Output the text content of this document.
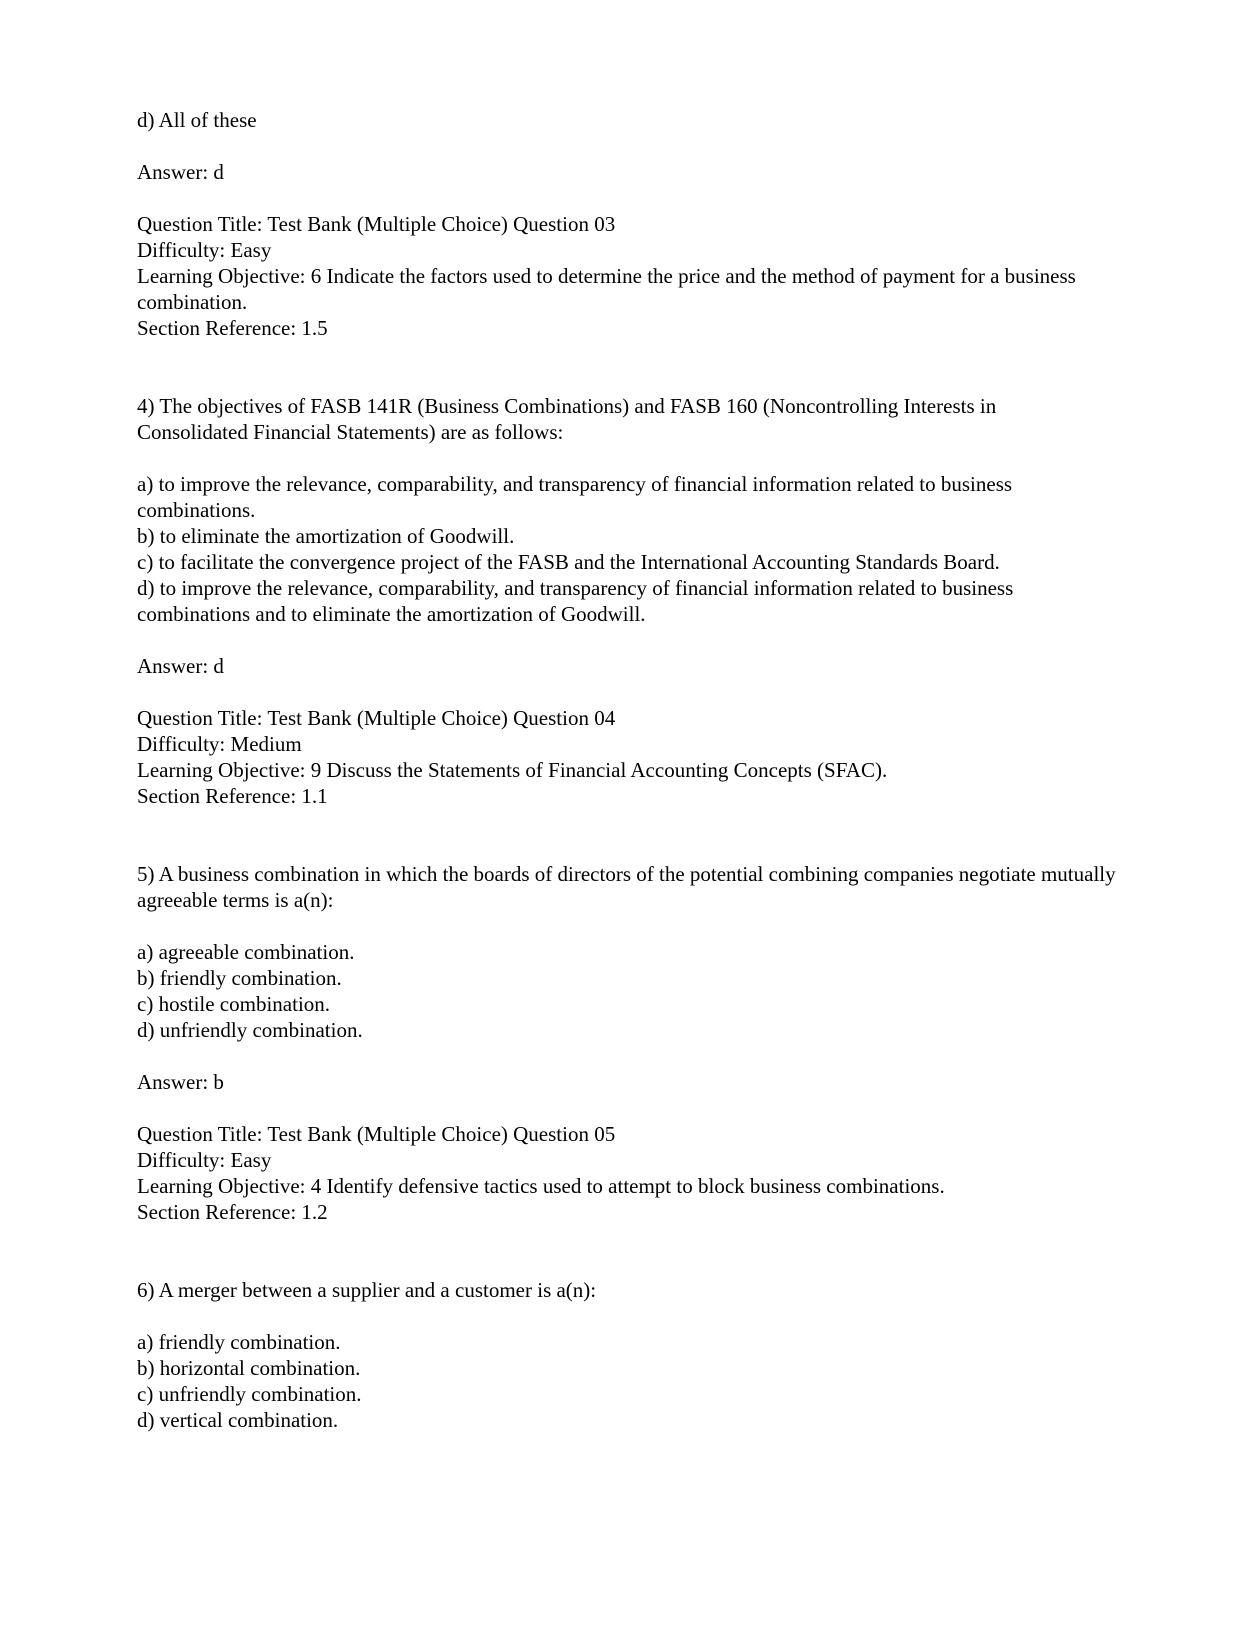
d) All of these
Answer: d
Question Title: Test Bank (Multiple Choice) Question 03
Difficulty: Easy
Learning Objective: 6 Indicate the factors used to determine the price and the method of payment for a business combination.
Section Reference: 1.5
4) The objectives of FASB 141R (Business Combinations) and FASB 160 (Noncontrolling Interests in Consolidated Financial Statements) are as follows:
a) to improve the relevance, comparability, and transparency of financial information related to business combinations.
b) to eliminate the amortization of Goodwill.
c) to facilitate the convergence project of the FASB and the International Accounting Standards Board.
d) to improve the relevance, comparability, and transparency of financial information related to business combinations and to eliminate the amortization of Goodwill.
Answer: d
Question Title: Test Bank (Multiple Choice) Question 04
Difficulty: Medium
Learning Objective: 9 Discuss the Statements of Financial Accounting Concepts (SFAC).
Section Reference: 1.1
5) A business combination in which the boards of directors of the potential combining companies negotiate mutually agreeable terms is a(n):
a) agreeable combination.
b) friendly combination.
c) hostile combination.
d) unfriendly combination.
Answer: b
Question Title: Test Bank (Multiple Choice) Question 05
Difficulty: Easy
Learning Objective: 4 Identify defensive tactics used to attempt to block business combinations.
Section Reference: 1.2
6) A merger between a supplier and a customer is a(n):
a) friendly combination.
b) horizontal combination.
c) unfriendly combination.
d) vertical combination.
